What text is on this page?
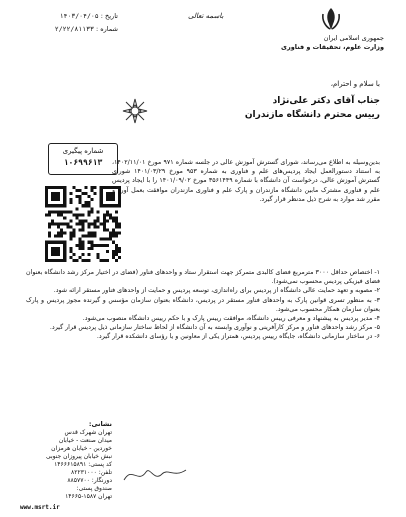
جمهوری اسلامی ایران
وزارت علوم، تحقیقات و فناوری
باسمه تعالی
تاریخ : ۱۴۰۳/۰۴/۰۵
شماره : ۲/۲۲/۸۱۱۳۳
با سلام و احترام،
جناب آقای دکتر علی‌نژاد
رییس محترم دانشگاه مازندران
شماره پیگیری
۱۰۶۹۹۶۱۳	بدین‌وسیله به اطلاع می‌رساند، شورای گسترش آموزش عالی در جلسه شماره ۹۷۱ مورخ ۱۴۰۲/۱۱/۰۱، به استناد دستورالعمل ایجاد پردیس‌های علم و فناوری به شماره ۹۵۳ مورخ ۱۴۰۱/۰۳/۲۹ شورای گسترش آموزش عالی، درخواست آن دانشگاه با شماره ۳۵۶۱۴۴۹ مورخ ۱۴۰۱/۰۹/۰۲ را با ایجاد پردیس علم و فناوری مشترک مابین دانشگاه مازندران و پارک علم و فناوری مازندران موافقت بعمل آورد و مقرر شد موارد به شرح ذیل مدنظر قرار گیرد.
۱- اختصاص حداقل ۳۰۰۰ مترمربع فضای کالبدی متمرکز جهت استقرار ستاد و واحدهای فناور (فضای در اختیار مرکز رشد دانشگاه بعنوان فضای فیزیکی پردیس محسوب نمی‌شود).
۲- مصوبه و تعهد حمایت عالی دانشگاه از پردیس برای راه‌اندازی، توسعه پردیس و حمایت از واحدهای فناور مستقر ارائه شود.
۳- به منظور تسری قوانین پارک به واحدهای فناور مستقر در پردیس، دانشگاه بعنوان سازمان مؤسس و گیرنده مجوز پردیس و پارک بعنوان سازمان همکار محسوب می‌شود.
۴- مدیر پردیس به پیشنهاد و معرفی رییس دانشگاه، موافقت رییس پارک و با حکم رییس دانشگاه منصوب می‌شود.
۵- مرکز رشد واحدهای فناور و مرکز کارآفرینی و نوآوری وابسته به آن دانشگاه از لحاظ ساختار سازمانی ذیل پردیس قرار گیرد.
۶- در ساختار سازمانی دانشگاه، جایگاه رییس پردیس، همتراز یکی از معاونین و یا رؤسای دانشکده قرار گیرد.
نشانی:
تهران شهرک قدس
میدان صنعت - خیابان
خوردین - خیابان هرمزان
نبش خیابان پیروزان جنوبی
کد پستی: ۱۴۶۶۶۱۵۸۹۱
تلفن: ۸۲۲۳۱۰۰۰
دورنگار: ۸۸۵۷۷۰۰
صندوق پستی:
تهران ۱۵۸۷-۱۴۶۶۵
www.msrt.ir
